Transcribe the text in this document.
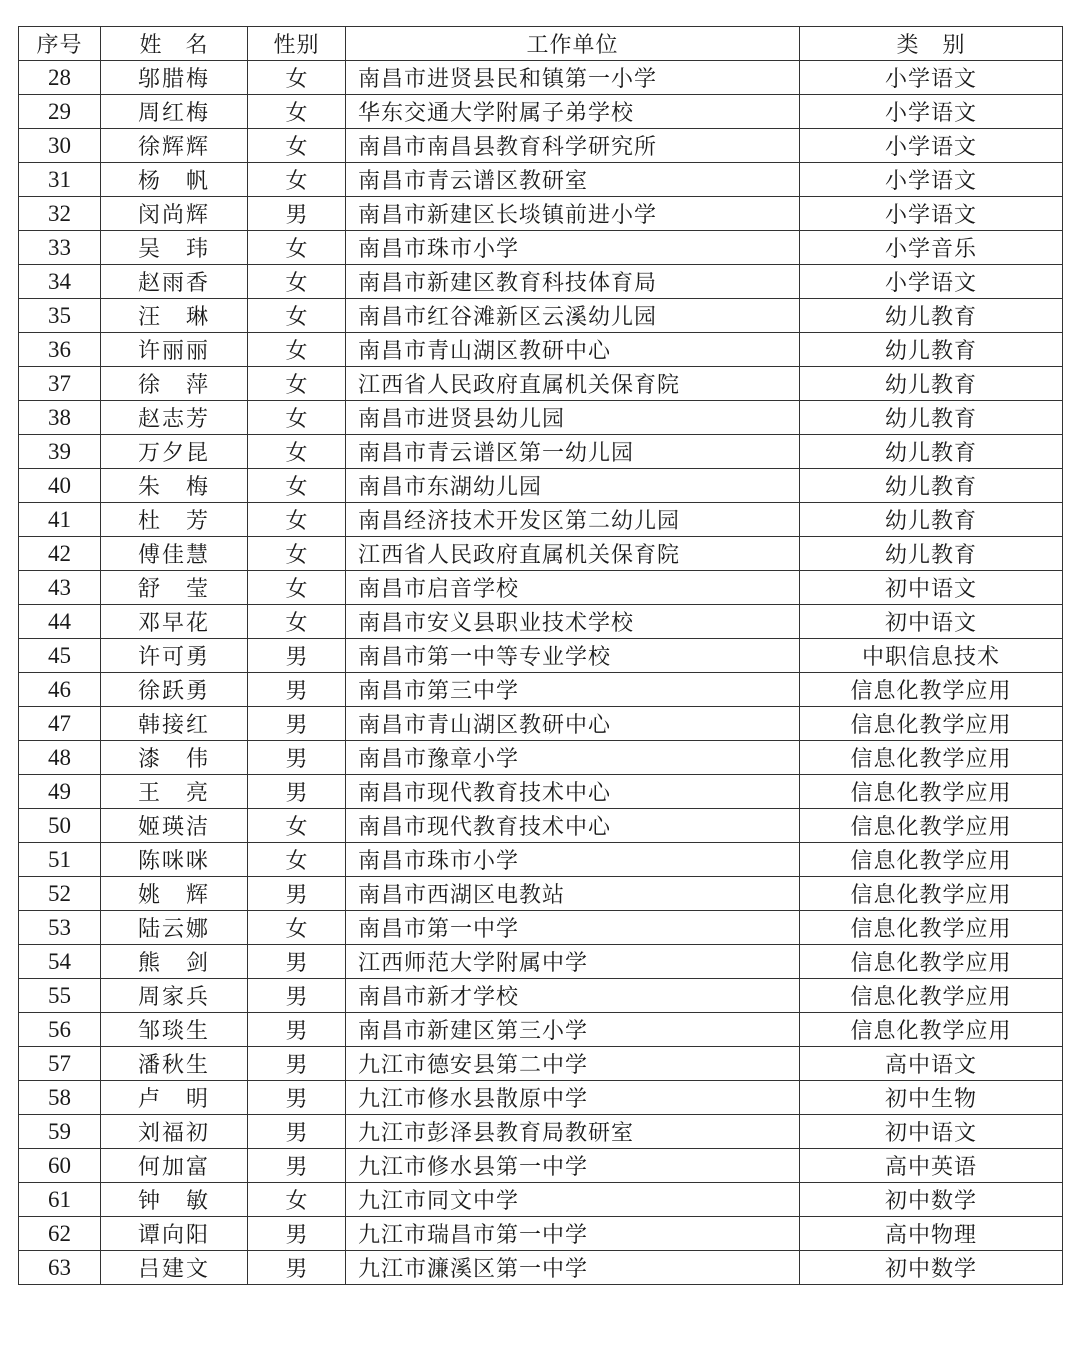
序号	姓　名	性别	工作单位	类　别
28	邬腊梅	女	南昌市进贤县民和镇第一小学	小学语文
29	周红梅	女	华东交通大学附属子弟学校	小学语文
30	徐辉辉	女	南昌市南昌县教育科学研究所	小学语文
31	杨　帆	女	南昌市青云谱区教研室	小学语文
32	闵尚辉	男	南昌市新建区长埮镇前进小学	小学语文
33	吴　玮	女	南昌市珠市小学	小学音乐
34	赵雨香	女	南昌市新建区教育科技体育局	小学语文
35	汪　琳	女	南昌市红谷滩新区云溪幼儿园	幼儿教育
36	许丽丽	女	南昌市青山湖区教研中心	幼儿教育
37	徐　萍	女	江西省人民政府直属机关保育院	幼儿教育
38	赵志芳	女	南昌市进贤县幼儿园	幼儿教育
39	万夕昆	女	南昌市青云谱区第一幼儿园	幼儿教育
40	朱　梅	女	南昌市东湖幼儿园	幼儿教育
41	杜　芳	女	南昌经济技术开发区第二幼儿园	幼儿教育
42	傅佳慧	女	江西省人民政府直属机关保育院	幼儿教育
43	舒　莹	女	南昌市启音学校	初中语文
44	邓早花	女	南昌市安义县职业技术学校	初中语文
45	许可勇	男	南昌市第一中等专业学校	中职信息技术
46	徐跃勇	男	南昌市第三中学	信息化教学应用
47	韩接红	男	南昌市青山湖区教研中心	信息化教学应用
48	漆　伟	男	南昌市豫章小学	信息化教学应用
49	王　亮	男	南昌市现代教育技术中心	信息化教学应用
50	姬瑛洁	女	南昌市现代教育技术中心	信息化教学应用
51	陈咪咪	女	南昌市珠市小学	信息化教学应用
52	姚　辉	男	南昌市西湖区电教站	信息化教学应用
53	陆云娜	女	南昌市第一中学	信息化教学应用
54	熊　剑	男	江西师范大学附属中学	信息化教学应用
55	周家兵	男	南昌市新才学校	信息化教学应用
56	邹琰生	男	南昌市新建区第三小学	信息化教学应用
57	潘秋生	男	九江市德安县第二中学	高中语文
58	卢　明	男	九江市修水县散原中学	初中生物
59	刘福初	男	九江市彭泽县教育局教研室	初中语文
60	何加富	男	九江市修水县第一中学	高中英语
61	钟　敏	女	九江市同文中学	初中数学
62	谭向阳	男	九江市瑞昌市第一中学	高中物理
63	吕建文	男	九江市濂溪区第一中学	初中数学
